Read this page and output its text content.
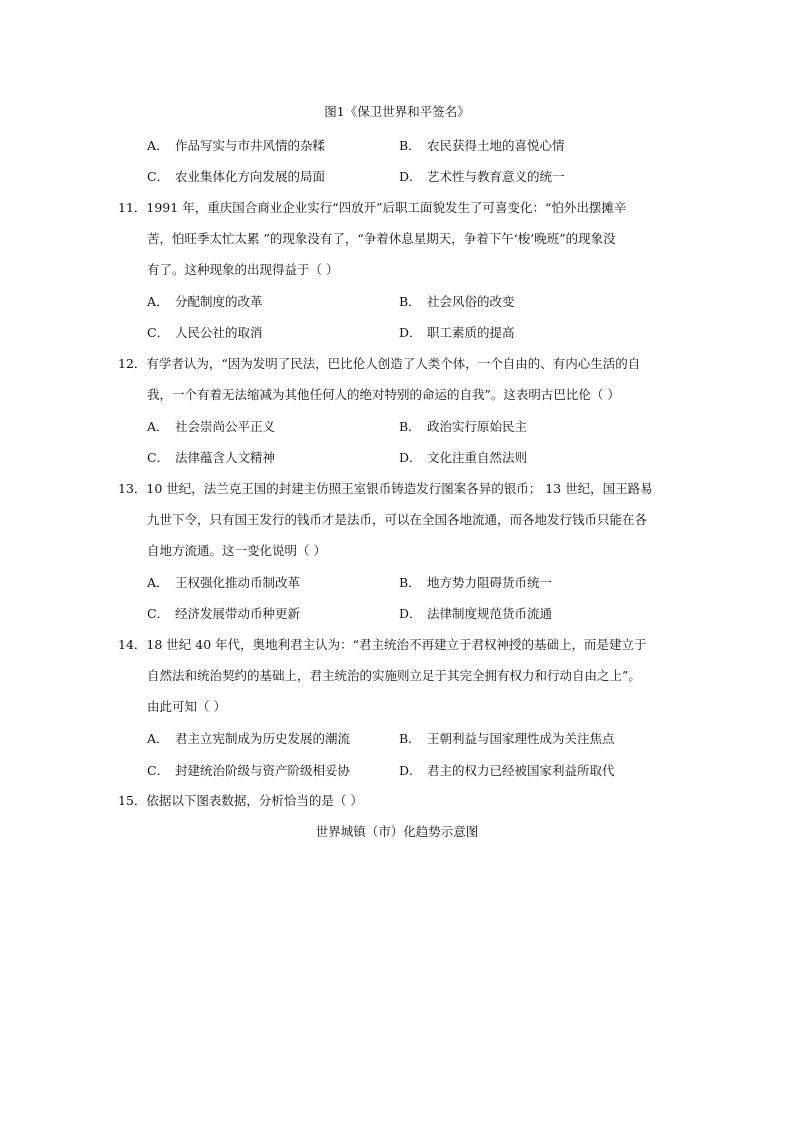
图1《保卫世界和平签名》
A． 作品写实与市井风情的杂糅	B． 农民获得土地的喜悦心情
C． 农业集体化方向发展的局面	D． 艺术性与教育意义的统一
11．1991 年，重庆国合商业企业实行“四放开”后职工面貌发生了可喜变化：“怕外出摆摊辛
苦，怕旺季太忙太累 ”的现象没有了，“争着休息星期天，争着下午‘梭’晚班”的现象没
有了。这种现象的出现得益于（ ）
A． 分配制度的改革	B． 社会风俗的改变
C． 人民公社的取消	D． 职工素质的提高
12．有学者认为，“因为发明了民法，巴比伦人创造了人类个体，一个自由的、有内心生活的自
我，一个有着无法缩减为其他任何人的绝对特别的命运的自我”。这表明古巴比伦（ ）
A． 社会崇尚公平正义	B． 政治实行原始民主
C． 法律蕴含人文精神	D． 文化注重自然法则
13．10 世纪，法兰克王国的封建主仿照王室银币铸造发行图案各异的银币； 13 世纪，国王路易
九世下令，只有国王发行的钱币才是法币，可以在全国各地流通，而各地发行钱币只能在各
自地方流通。这一变化说明（ ）
A． 王权强化推动币制改革	B． 地方势力阻碍货币统一
C． 经济发展带动币种更新	D． 法律制度规范货币流通
14．18 世纪 40 年代，奥地利君主认为：“君主统治不再建立于君权神授的基础上，而是建立于
自然法和统治契约的基础上，君主统治的实施则立足于其完全拥有权力和行动自由之上”。
由此可知（ ）
A． 君主立宪制成为历史发展的潮流	B． 王朝利益与国家理性成为关注焦点
C． 封建统治阶级与资产阶级相妥协	D． 君主的权力已经被国家利益所取代
15．依据以下图表数据，分析恰当的是（ ）
世界城镇（市）化趋势示意图
